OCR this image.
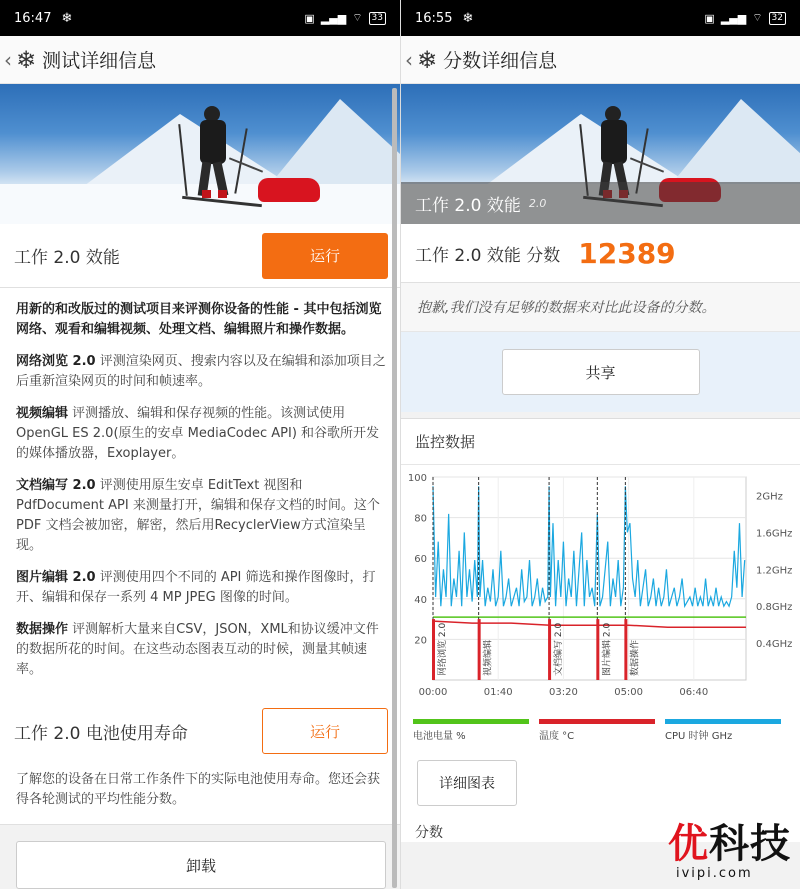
16:47 ❄	▣ ▂▄▆ ⌔	33
‹ ❄ 测试详细信息
工作 2.0 效能	运行

用新的和改版过的测试项目来评测你设备的性能 - 其中包括浏览网络、观看和编辑视频、处理文档、编辑照片和操作数据。

网络浏览 2.0 评测渲染网页、搜索内容以及在编辑和添加项目之后重新渲染网页的时间和帧速率。

视频编辑 评测播放、编辑和保存视频的性能。该测试使用 OpenGL ES 2.0(原生的安卓 MediaCodec API) 和谷歌所开发的媒体播放器，Exoplayer。

文档编写 2.0 评测使用原生安卓 EditText 视图和 PdfDocument API 来测量打开，编辑和保存文档的时间。这个 PDF 文档会被加密，解密，然后用RecyclerView方式渲染呈现。

图片编辑 2.0 评测使用四个不同的 API 筛选和操作图像时，打开、编辑和保存一系列 4 MP JPEG 图像的时间。

数据操作 评测解析大量来自CSV，JSON，XML和协议缓冲文件的数据所花的时间。在这些动态图表互动的时候，测量其帧速率。

工作 2.0 电池使用寿命	运行
了解您的设备在日常工作条件下的实际电池使用寿命。您还会获得各轮测试的平均性能分数。
卸载
16:55 ❄	▣ ▂▄▆ ⌔	32
‹ ❄ 分数详细信息
工作 2.0 效能 2.0
工作 2.0 效能 分数 12389
抱歉,我们没有足够的数据来对比此设备的分数。
共享
监控数据
100
80
60
40
20
2GHz
1.6GHz
1.2GHz
0.8GHz
0.4GHz
00:00	01:40	03:20	05:00	06:40
网络浏览 2.0	视频编辑	文档编写 2.0	图片编辑 2.0 数据操作
电池电量 %	温度 °C	CPU 时钟 GHz
详细图表
分数	优科技
ivipi.com
